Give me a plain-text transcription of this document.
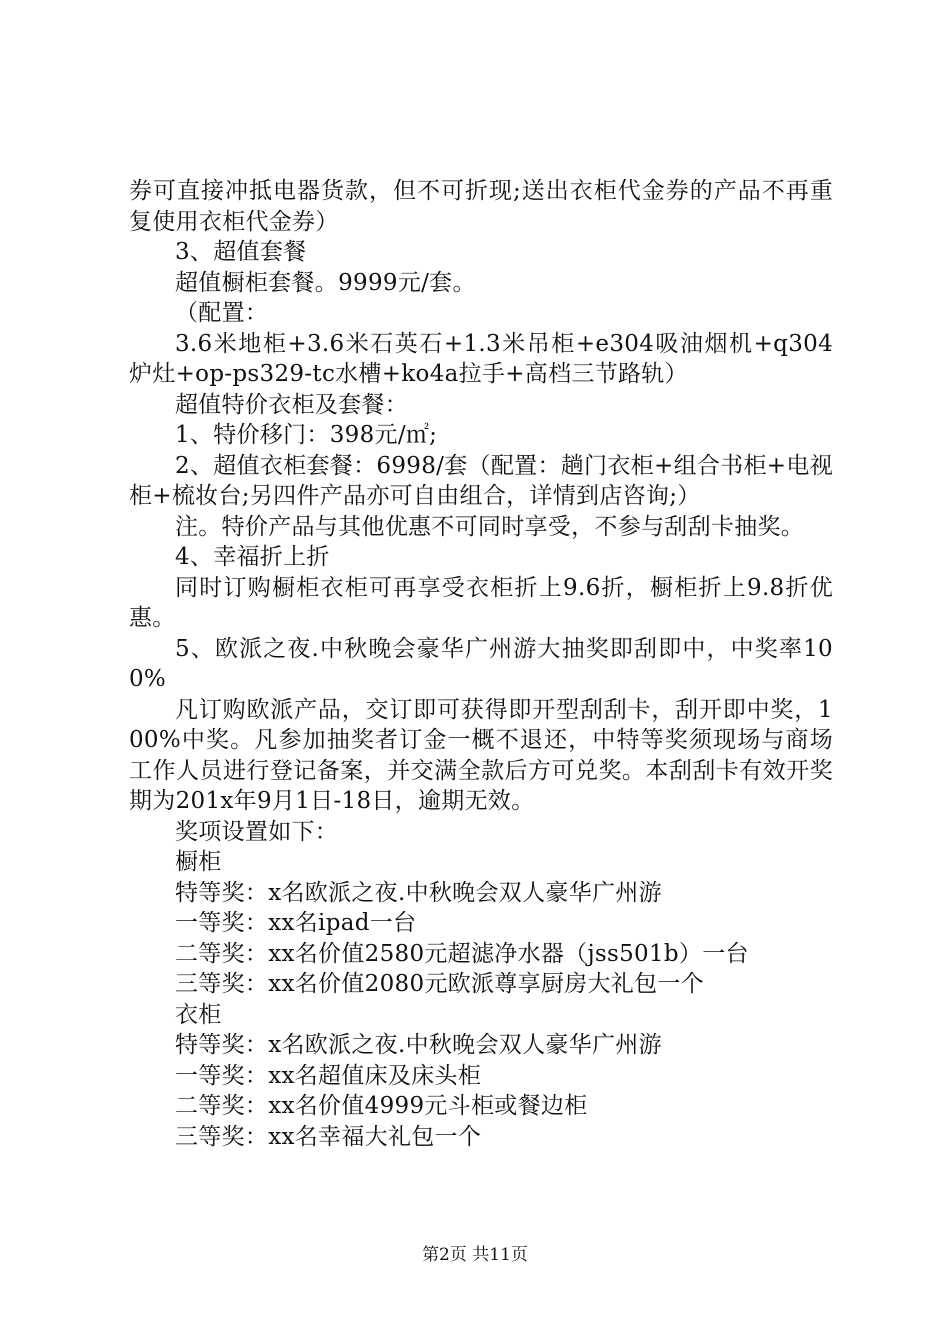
券可直接冲抵电器货款，但不可折现;送出衣柜代金券的产品不再重复使用衣柜代金券）

3、超值套餐

超值橱柜套餐。9999元/套。

（配置：

3.6米地柜+3.6米石英石+1.3米吊柜+e304吸油烟机+q304炉灶+op-ps329-tc水槽+ko4a拉手+高档三节路轨）

超值特价衣柜及套餐：

1、特价移门：398元/㎡;

2、超值衣柜套餐：6998/套（配置：趟门衣柜+组合书柜+电视柜+梳妆台;另四件产品亦可自由组合，详情到店咨询;）

注。特价产品与其他优惠不可同时享受，不参与刮刮卡抽奖。

4、幸福折上折

同时订购橱柜衣柜可再享受衣柜折上9.6折，橱柜折上9.8折优惠。

5、欧派之夜.中秋晚会豪华广州游大抽奖即刮即中，中奖率100%

凡订购欧派产品，交订即可获得即开型刮刮卡，刮开即中奖，100%中奖。凡参加抽奖者订金一概不退还，中特等奖须现场与商场工作人员进行登记备案，并交满全款后方可兑奖。本刮刮卡有效开奖期为201x年9月1日-18日，逾期无效。

奖项设置如下：

橱柜

特等奖：x名欧派之夜.中秋晚会双人豪华广州游

一等奖：xx名ipad一台

二等奖：xx名价值2580元超滤净水器（jss501b）一台

三等奖：xx名价值2080元欧派尊享厨房大礼包一个

衣柜

特等奖：x名欧派之夜.中秋晚会双人豪华广州游

一等奖：xx名超值床及床头柜

二等奖：xx名价值4999元斗柜或餐边柜

三等奖：xx名幸福大礼包一个

第2页 共11页
